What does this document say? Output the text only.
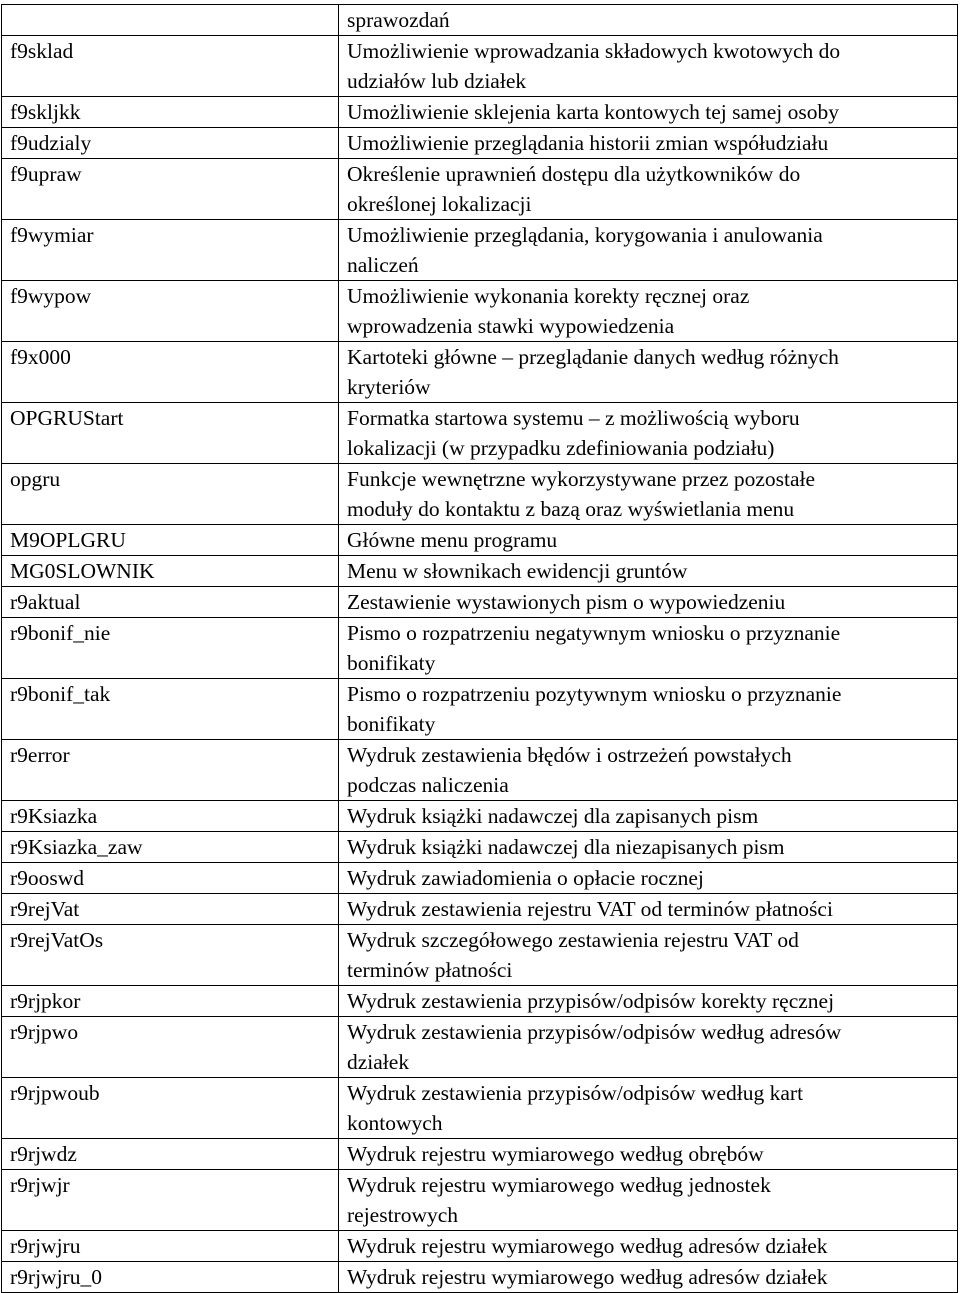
	sprawozdań

f9sklad	Umożliwienie wprowadzania składowych kwotowych do
udziałów lub działek

f9skljkk	Umożliwienie sklejenia karta kontowych tej samej osoby

f9udzialy	Umożliwienie przeglądania historii zmian współudziału

f9upraw	Określenie uprawnień dostępu dla użytkowników do
określonej lokalizacji

f9wymiar	Umożliwienie przeglądania, korygowania i anulowania
naliczeń

f9wypow	Umożliwienie wykonania korekty ręcznej oraz
wprowadzenia stawki wypowiedzenia

f9x000	Kartoteki główne – przeglądanie danych według różnych
kryteriów

OPGRUStart	Formatka startowa systemu – z możliwością wyboru
lokalizacji (w przypadku zdefiniowania podziału)

opgru	Funkcje wewnętrzne wykorzystywane przez pozostałe
moduły do kontaktu z bazą oraz wyświetlania menu

M9OPLGRU	Główne menu programu

MG0SLOWNIK	Menu w słownikach ewidencji gruntów

r9aktual	Zestawienie wystawionych pism o wypowiedzeniu

r9bonif_nie	Pismo o rozpatrzeniu negatywnym wniosku o przyznanie
bonifikaty

r9bonif_tak	Pismo o rozpatrzeniu pozytywnym wniosku o przyznanie
bonifikaty

r9error	Wydruk zestawienia błędów i ostrzeżeń powstałych
podczas naliczenia

r9Ksiazka	Wydruk książki nadawczej dla zapisanych pism

r9Ksiazka_zaw	Wydruk książki nadawczej dla niezapisanych pism

r9ooswd	Wydruk zawiadomienia o opłacie rocznej

r9rejVat	Wydruk zestawienia rejestru VAT od terminów płatności

r9rejVatOs	Wydruk szczegółowego zestawienia rejestru VAT od
terminów płatności

r9rjpkor	Wydruk zestawienia przypisów/odpisów korekty ręcznej

r9rjpwo	Wydruk zestawienia przypisów/odpisów według adresów
działek

r9rjpwoub	Wydruk zestawienia przypisów/odpisów według kart
kontowych

r9rjwdz	Wydruk rejestru wymiarowego według obrębów

r9rjwjr	Wydruk rejestru wymiarowego według jednostek
rejestrowych

r9rjwjru	Wydruk rejestru wymiarowego według adresów działek

r9rjwjru_0	Wydruk rejestru wymiarowego według adresów działek
